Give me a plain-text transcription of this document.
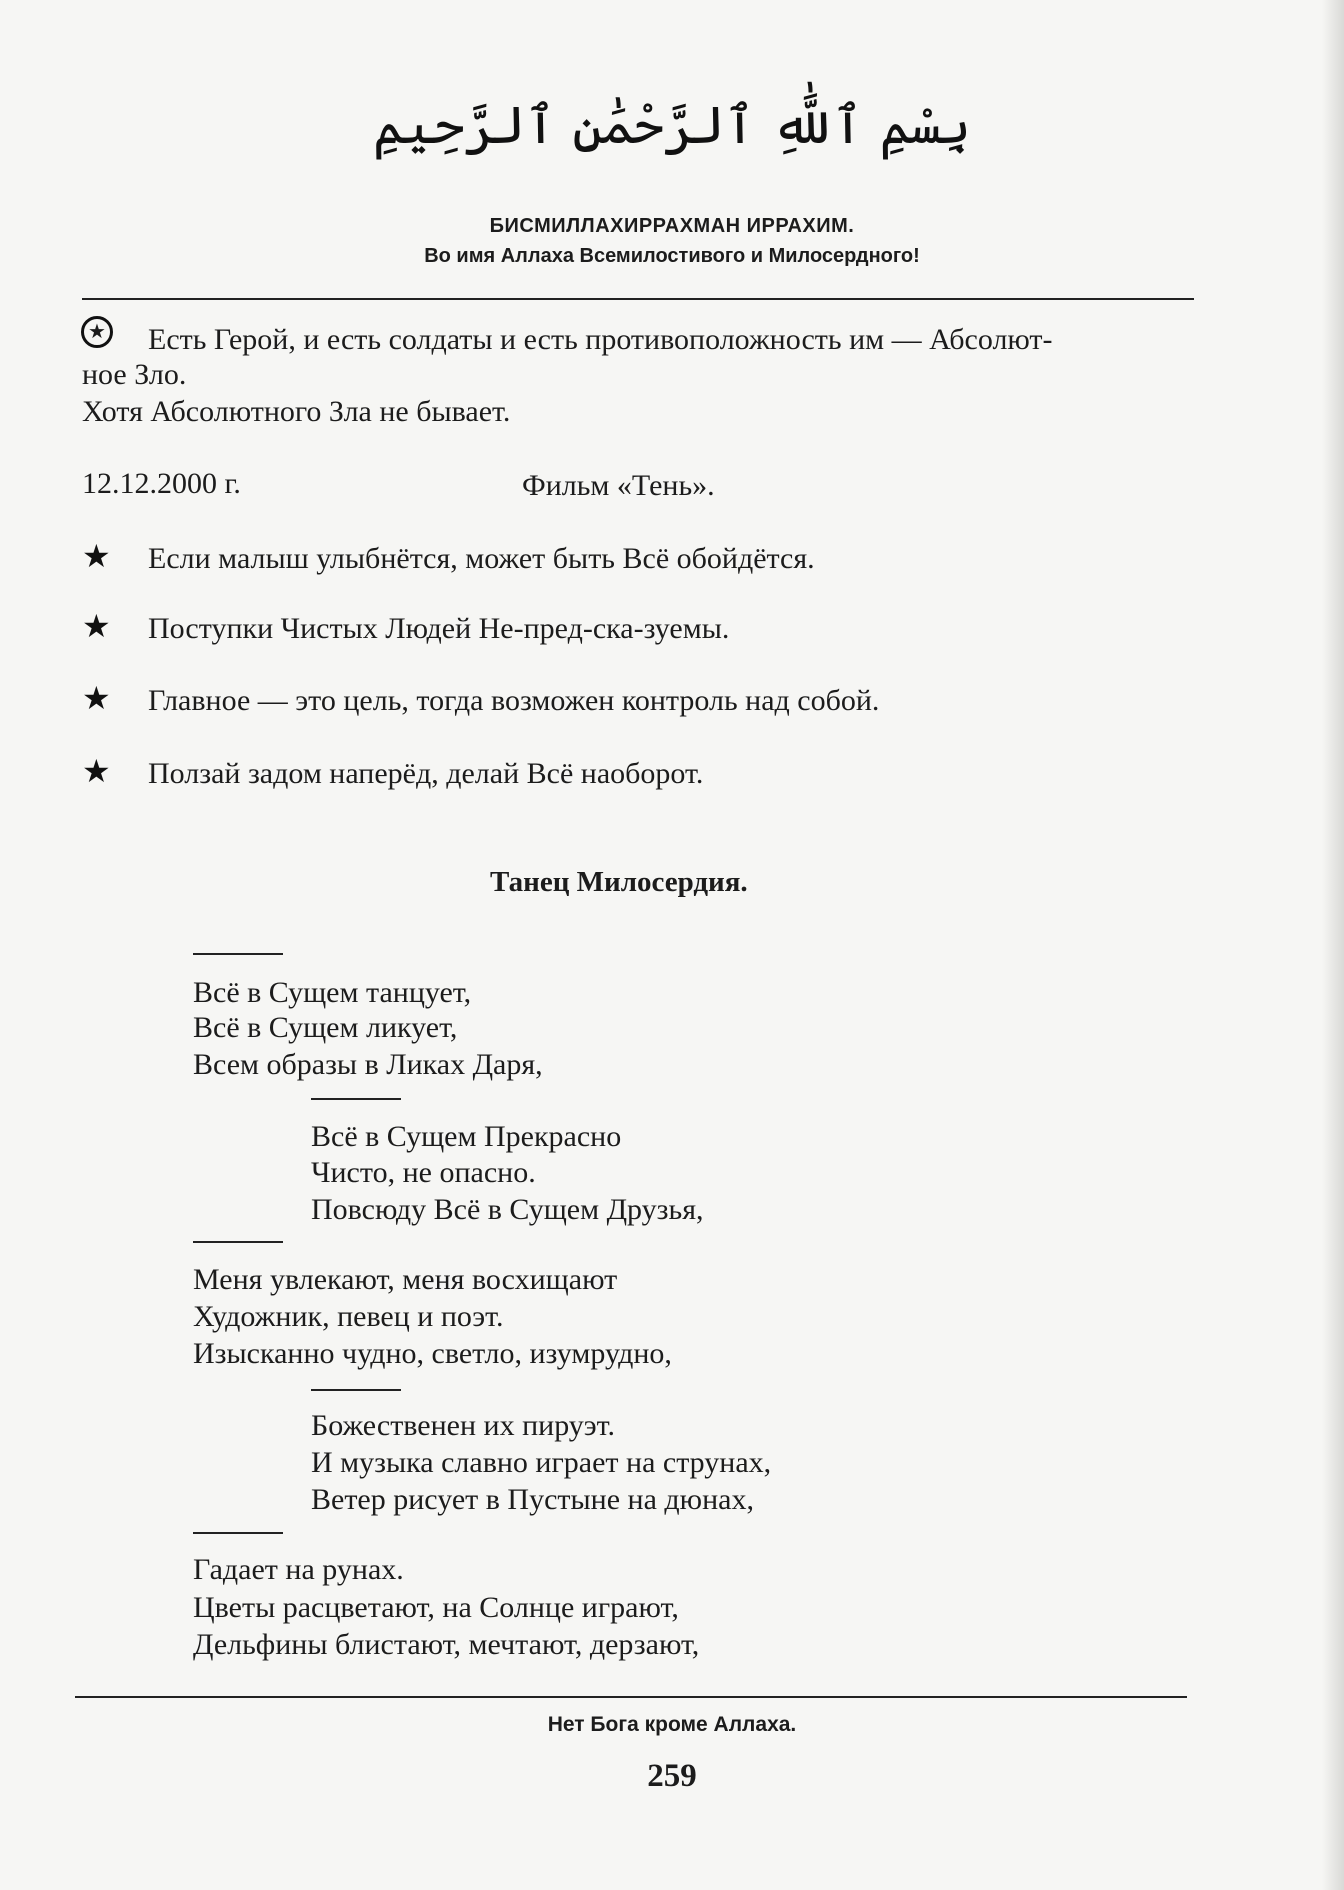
بِسْمِ ٱللَّٰهِ ٱلرَّحْمَٰنِ ٱلرَّحِيمِ
БИСМИЛЛАХИРРАХМАН ИРРАХИМ.
Во имя Аллаха Всемилостивого и Милосердного!
★ Есть Герой, и есть солдаты и есть противоположность им — Абсолют-
ное Зло.
Хотя Абсолютного Зла не бывает.
12.12.2000 г.	Фильм «Тень».
★ Если малыш улыбнётся, может быть Всё обойдётся.
★ Поступки Чистых Людей Не-пред-ска-зуемы.
★ Главное — это цель, тогда возможен контроль над собой.
★ Ползай задом наперёд, делай Всё наоборот.
Танец Милосердия.
Всё в Сущем танцует,
Всё в Сущем ликует,
Всем образы в Ликах Даря,
Всё в Сущем Прекрасно
Чисто, не опасно.
Повсюду Всё в Сущем Друзья,
Меня увлекают, меня восхищают
Художник, певец и поэт.
Изысканно чудно, светло, изумрудно,
Божественен их пируэт.
И музыка славно играет на струнах,
Ветер рисует в Пустыне на дюнах,
Гадает на рунах.
Цветы расцветают, на Солнце играют,
Дельфины блистают, мечтают, дерзают,
Нет Бога кроме Аллаха.
259
